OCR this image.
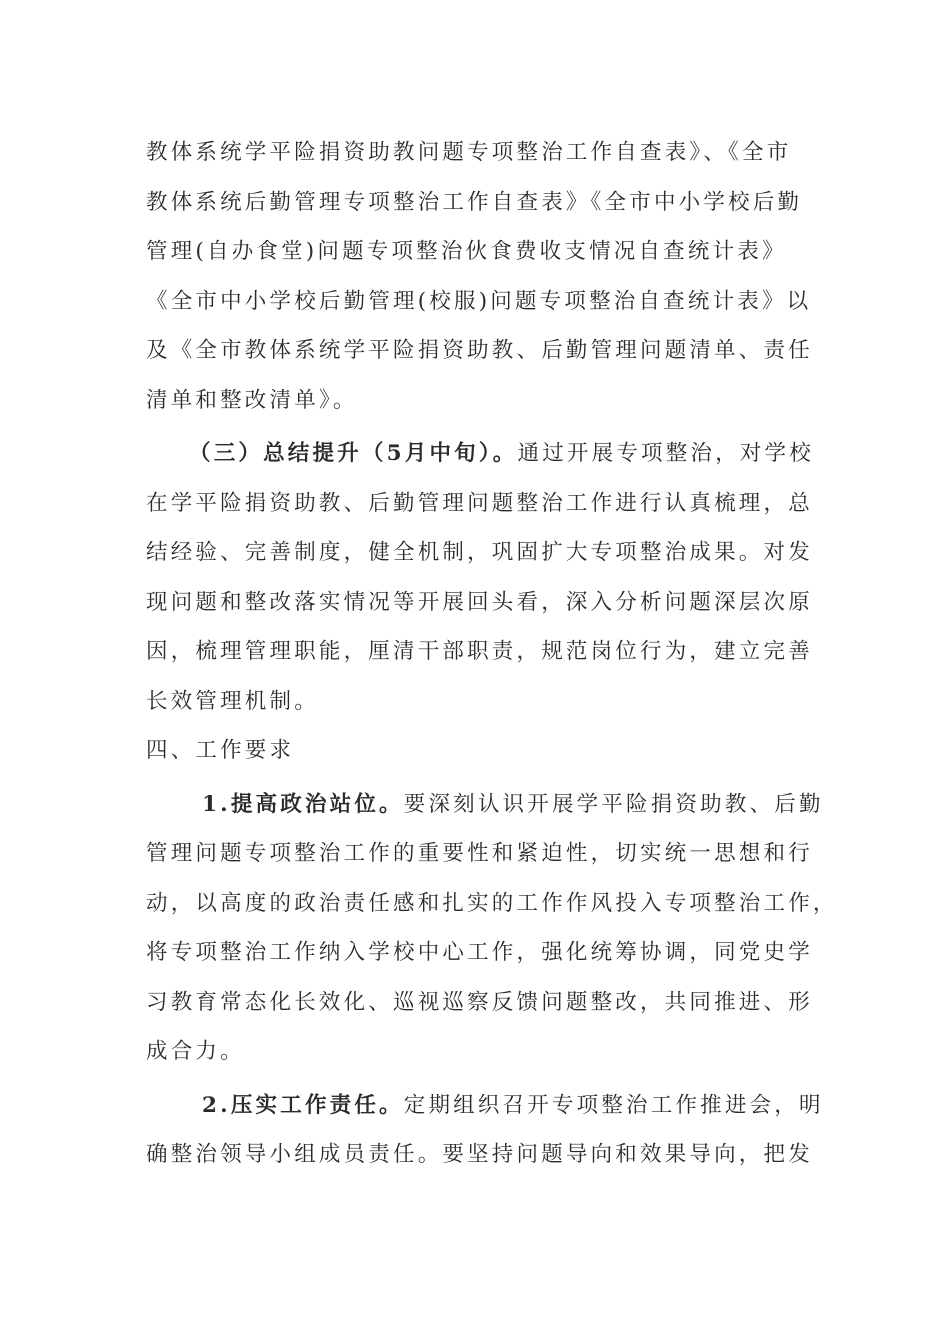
教体系统学平险捐资助教问题专项整治工作自查表》、《全市
教体系统后勤管理专项整治工作自查表》《全市中小学校后勤
管理(自办食堂)问题专项整治伙食费收支情况自查统计表》
《全市中小学校后勤管理(校服)问题专项整治自查统计表》以
及《全市教体系统学平险捐资助教、后勤管理问题清单、责任
清单和整改清单》。
（三）总结提升（5月中旬）。通过开展专项整治，对学校
在学平险捐资助教、后勤管理问题整治工作进行认真梳理，总
结经验、完善制度，健全机制，巩固扩大专项整治成果。对发
现问题和整改落实情况等开展回头看，深入分析问题深层次原
因，梳理管理职能，厘清干部职责，规范岗位行为，建立完善
长效管理机制。
四、工作要求
1.提高政治站位。要深刻认识开展学平险捐资助教、后勤
管理问题专项整治工作的重要性和紧迫性，切实统一思想和行
动，以高度的政治责任感和扎实的工作作风投入专项整治工作，
将专项整治工作纳入学校中心工作，强化统筹协调，同党史学
习教育常态化长效化、巡视巡察反馈问题整改，共同推进、形
成合力。
2.压实工作责任。定期组织召开专项整治工作推进会，明
确整治领导小组成员责任。要坚持问题导向和效果导向，把发
